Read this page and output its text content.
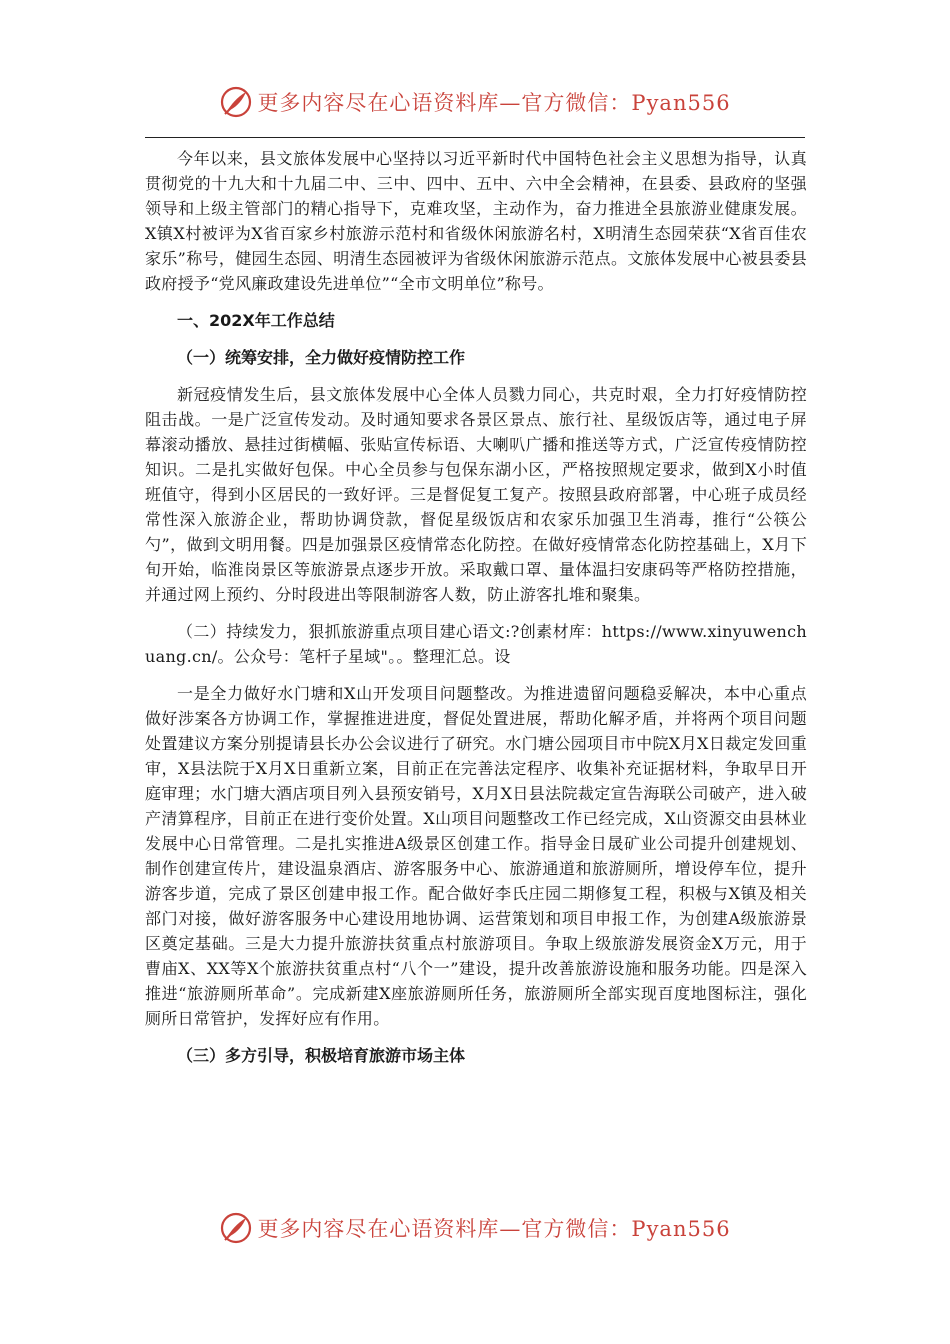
更多内容尽在心语资料库—官方微信：Pyan556

今年以来，县文旅体发展中心坚持以习近平新时代中国特色社会主义思想为指导，认真贯彻党的十九大和十九届二中、三中、四中、五中、六中全会精神，在县委、县政府的坚强领导和上级主管部门的精心指导下，克难攻坚，主动作为，奋力推进全县旅游业健康发展。X镇X村被评为X省百家乡村旅游示范村和省级休闲旅游名村，X明清生态园荣获“X省百佳农家乐”称号，健园生态园、明清生态园被评为省级休闲旅游示范点。文旅体发展中心被县委县政府授予“党风廉政建设先进单位”“全市文明单位”称号。

一、202X年工作总结

（一）统筹安排，全力做好疫情防控工作

新冠疫情发生后，县文旅体发展中心全体人员戮力同心，共克时艰，全力打好疫情防控阻击战。一是广泛宣传发动。及时通知要求各景区景点、旅行社、星级饭店等，通过电子屏幕滚动播放、悬挂过街横幅、张贴宣传标语、大喇叭广播和推送等方式，广泛宣传疫情防控知识。二是扎实做好包保。中心全员参与包保东湖小区，严格按照规定要求，做到X小时值班值守，得到小区居民的一致好评。三是督促复工复产。按照县政府部署，中心班子成员经常性深入旅游企业，帮助协调贷款，督促星级饭店和农家乐加强卫生消毒，推行“公筷公勺”，做到文明用餐。四是加强景区疫情常态化防控。在做好疫情常态化防控基础上，X月下旬开始，临淮岗景区等旅游景点逐步开放。采取戴口罩、量体温扫安康码等严格防控措施，并通过网上预约、分时段进出等限制游客人数，防止游客扎堆和聚集。

（二）持续发力，狠抓旅游重点项目建心语文:?创素材库：https://www.xinyuwenchuang.cn/。公众号：笔杆子星域"。。整理汇总。设

一是全力做好水门塘和X山开发项目问题整改。为推进遗留问题稳妥解决，本中心重点做好涉案各方协调工作，掌握推进进度，督促处置进展，帮助化解矛盾，并将两个项目问题处置建议方案分别提请县长办公会议进行了研究。水门塘公园项目市中院X月X日裁定发回重审，X县法院于X月X日重新立案，目前正在完善法定程序、收集补充证据材料，争取早日开庭审理；水门塘大酒店项目列入县预安销号，X月X日县法院裁定宣告海联公司破产，进入破产清算程序，目前正在进行变价处置。X山项目问题整改工作已经完成，X山资源交由县林业发展中心日常管理。二是扎实推进A级景区创建工作。指导金日晟矿业公司提升创建规划、制作创建宣传片，建设温泉酒店、游客服务中心、旅游通道和旅游厕所，增设停车位，提升游客步道，完成了景区创建申报工作。配合做好李氏庄园二期修复工程，积极与X镇及相关部门对接，做好游客服务中心建设用地协调、运营策划和项目申报工作，为创建A级旅游景区奠定基础。三是大力提升旅游扶贫重点村旅游项目。争取上级旅游发展资金X万元，用于曹庙X、XX等X个旅游扶贫重点村“八个一”建设，提升改善旅游设施和服务功能。四是深入推进“旅游厕所革命”。完成新建X座旅游厕所任务，旅游厕所全部实现百度地图标注，强化厕所日常管护，发挥好应有作用。

（三）多方引导，积极培育旅游市场主体

更多内容尽在心语资料库—官方微信：Pyan556
